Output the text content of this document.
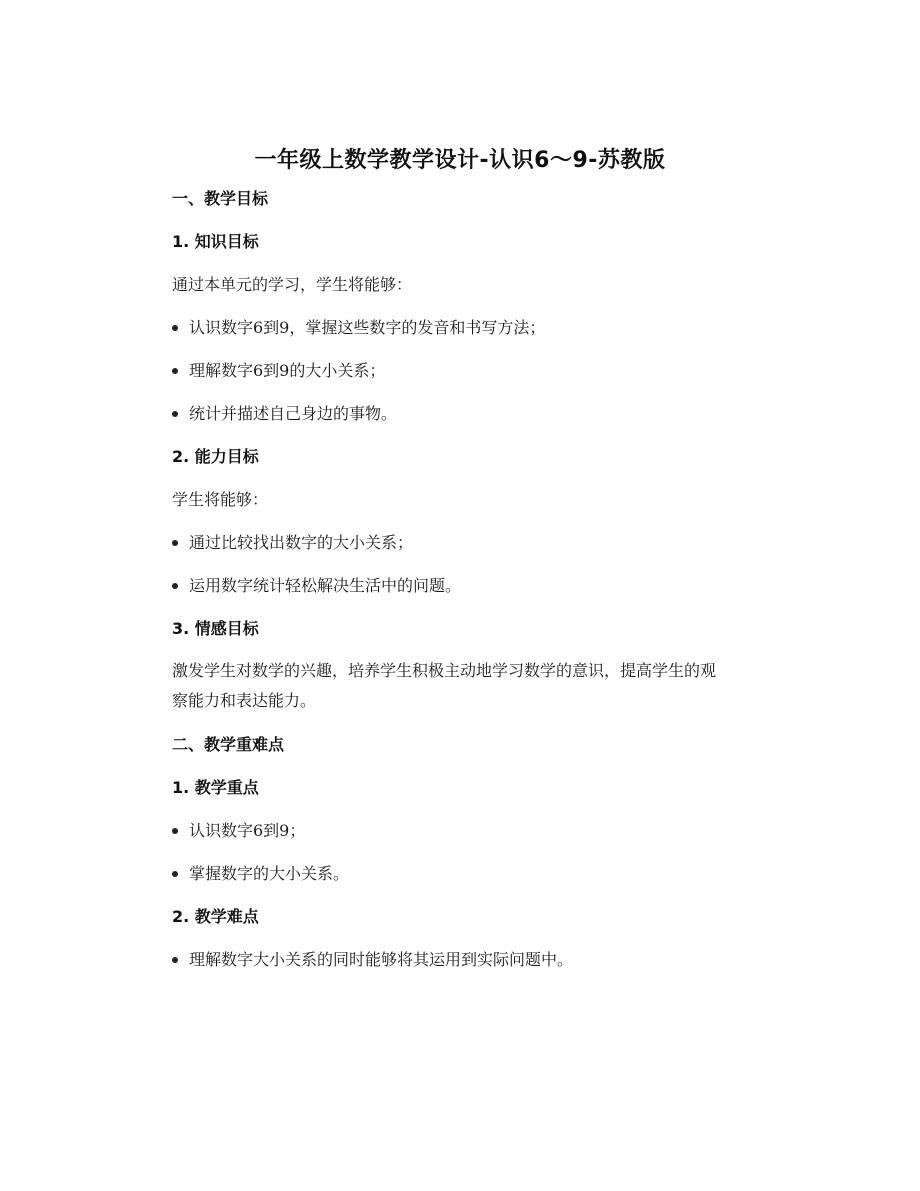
一年级上数学教学设计-认识6～9-苏教版
一、教学目标
1. 知识目标
通过本单元的学习，学生将能够：
认识数字6到9，掌握这些数字的发音和书写方法；
理解数字6到9的大小关系；
统计并描述自己身边的事物。
2. 能力目标
学生将能够：
通过比较找出数字的大小关系；
运用数字统计轻松解决生活中的问题。
3. 情感目标
激发学生对数学的兴趣，培养学生积极主动地学习数学的意识，提高学生的观
察能力和表达能力。
二、教学重难点
1. 教学重点
认识数字6到9；
掌握数字的大小关系。
2. 教学难点
理解数字大小关系的同时能够将其运用到实际问题中。
